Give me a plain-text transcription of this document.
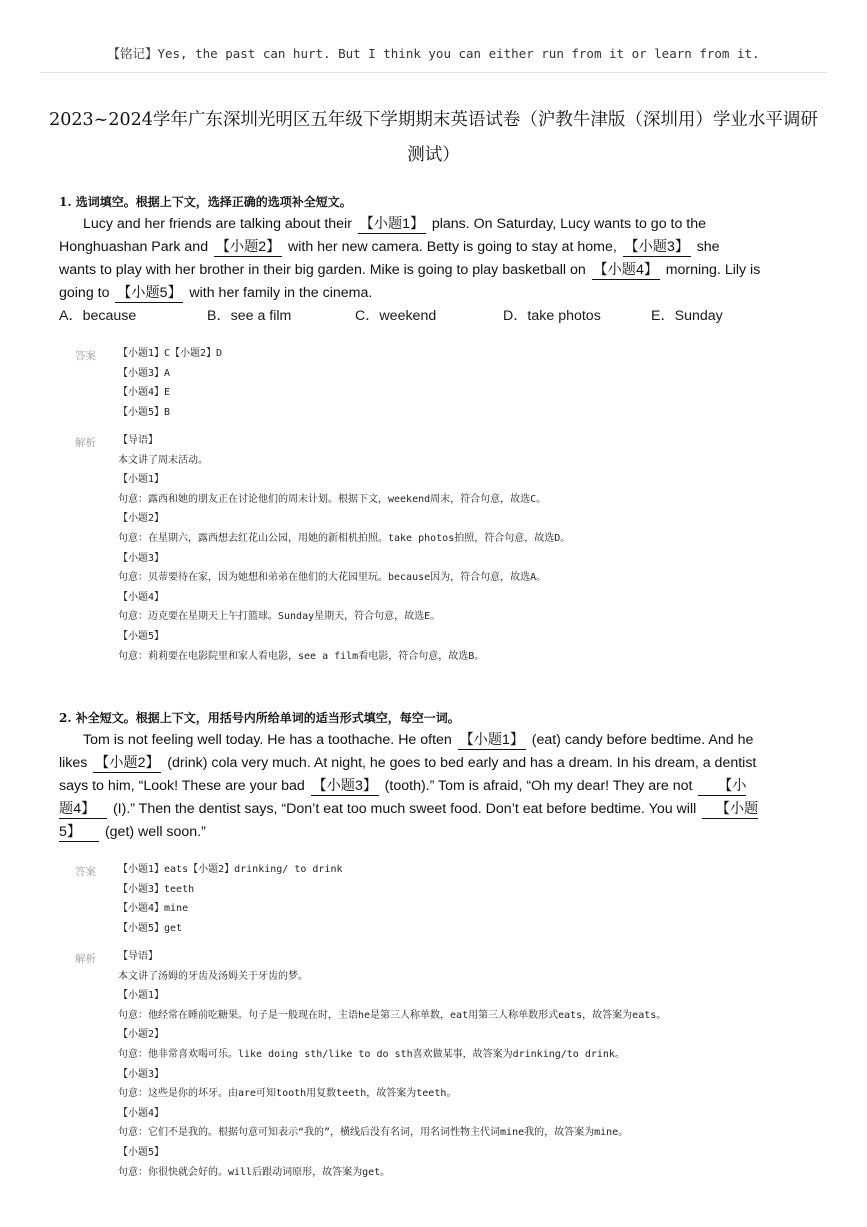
【铭记】Yes, the past can hurt. But I think you can either run from it or learn from it.
2023~2024学年广东深圳光明区五年级下学期期末英语试卷（沪教牛津版（深圳用）学业水平调研
测试）
1. 选词填空。根据上下文，选择正确的选项补全短文。
Lucy and her friends are talking about their 【小题1】 plans. On Saturday, Lucy wants to go to the
Honghuashan Park and 【小题2】 with her new camera. Betty is going to stay at home, 【小题3】 she
wants to play with her brother in their big garden. Mike is going to play basketball on 【小题4】 morning. Lily is
going to 【小题5】 with her family in the cinema.
A．because	B．see a film	C．weekend	D．take photos	E．Sunday
答案 【小题1】C【小题2】D
【小题3】A
【小题4】E
【小题5】B
解析 【导语】
本文讲了周末活动。
【小题1】
句意：露西和她的朋友正在讨论他们的周末计划。根据下文，weekend周末，符合句意，故选C。
【小题2】
句意：在星期六，露西想去红花山公园，用她的新相机拍照。take photos拍照，符合句意，故选D。
【小题3】
句意：贝蒂要待在家，因为她想和弟弟在他们的大花园里玩。because因为，符合句意，故选A。
【小题4】
句意：迈克要在星期天上午打篮球。Sunday星期天，符合句意，故选E。
【小题5】
句意：莉莉要在电影院里和家人看电影，see a film看电影，符合句意，故选B。
2. 补全短文。根据上下文，用括号内所给单词的适当形式填空，每空一词。
Tom is not feeling well today. He has a toothache. He often 【小题1】 (eat) candy before bedtime. And he
likes 【小题2】 (drink) cola very much. At night, he goes to bed early and has a dream. In his dream, a dentist
says to him, “Look! These are your bad 【小题3】 (tooth).” Tom is afraid, “Oh my dear! They are not 【小
题4】 (I).” Then the dentist says, “Don’t eat too much sweet food. Don’t eat before bedtime. You will 【小题
5】 (get) well soon.”
答案 【小题1】eats【小题2】drinking/ to drink
【小题3】teeth
【小题4】mine
【小题5】get
解析 【导语】
本文讲了汤姆的牙齿及汤姆关于牙齿的梦。
【小题1】
句意：他经常在睡前吃糖果。句子是一般现在时，主语he是第三人称单数，eat用第三人称单数形式eats，故答案为eats。
【小题2】
句意：他非常喜欢喝可乐。like doing sth/like to do sth喜欢做某事，故答案为drinking/to drink。
【小题3】
句意：这些是你的坏牙。由are可知tooth用复数teeth，故答案为teeth。
【小题4】
句意：它们不是我的。根据句意可知表示“我的”，横线后没有名词，用名词性物主代词mine我的，故答案为mine。
【小题5】
句意：你很快就会好的。will后跟动词原形，故答案为get。
